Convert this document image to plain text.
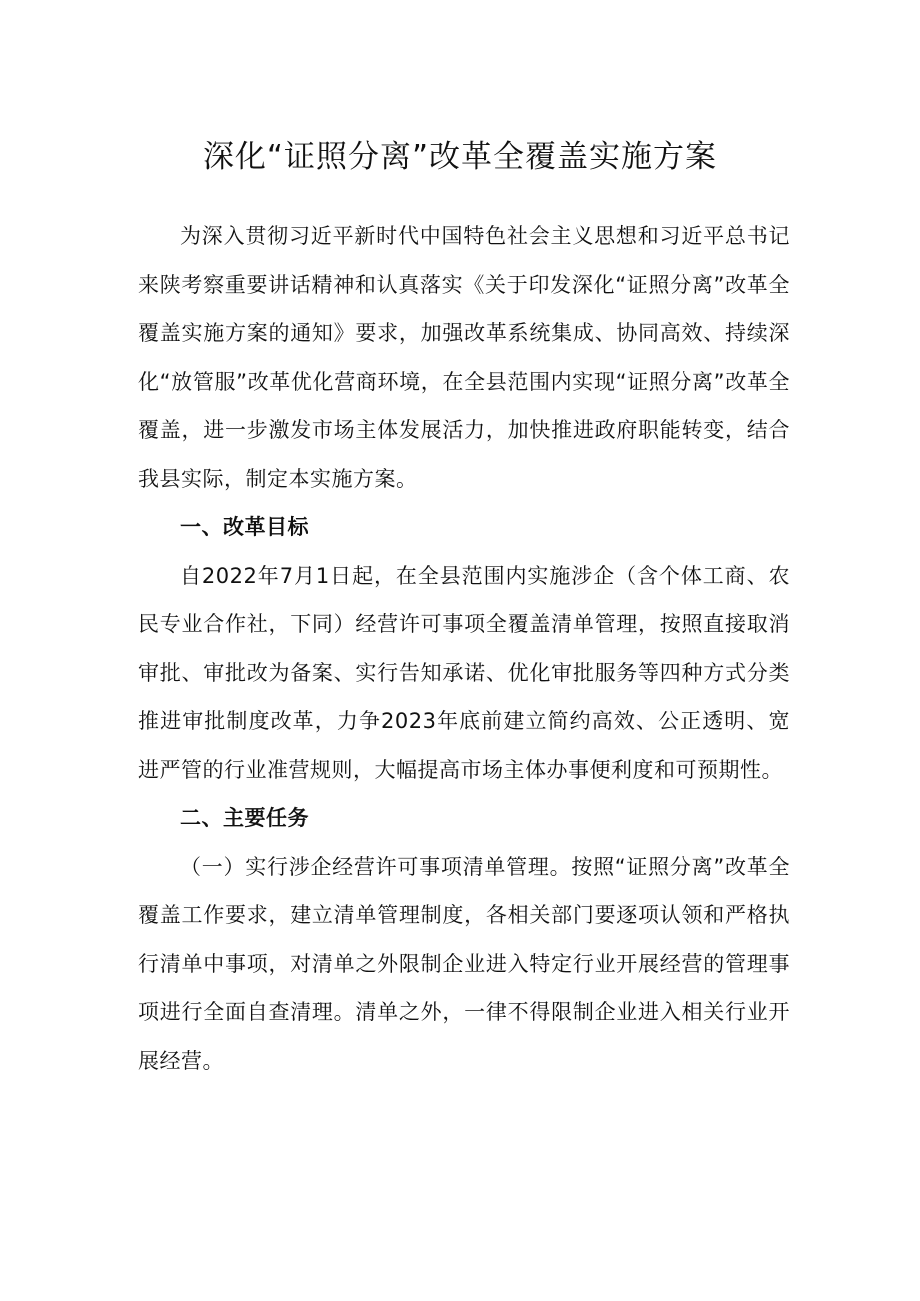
深化“证照分离”改革全覆盖实施方案

为深入贯彻习近平新时代中国特色社会主义思想和习近平总书记来陕考察重要讲话精神和认真落实《关于印发深化“证照分离”改革全覆盖实施方案的通知》要求，加强改革系统集成、协同高效、持续深化“放管服”改革优化营商环境，在全县范围内实现“证照分离”改革全覆盖，进一步激发市场主体发展活力，加快推进政府职能转变，结合我县实际，制定本实施方案。

一、改革目标

自2022年7月1日起，在全县范围内实施涉企（含个体工商、农民专业合作社，下同）经营许可事项全覆盖清单管理，按照直接取消审批、审批改为备案、实行告知承诺、优化审批服务等四种方式分类推进审批制度改革，力争2023年底前建立简约高效、公正透明、宽进严管的行业准营规则，大幅提高市场主体办事便利度和可预期性。

二、主要任务

（一）实行涉企经营许可事项清单管理。按照“证照分离”改革全覆盖工作要求，建立清单管理制度，各相关部门要逐项认领和严格执行清单中事项，对清单之外限制企业进入特定行业开展经营的管理事项进行全面自查清理。清单之外，一律不得限制企业进入相关行业开展经营。
